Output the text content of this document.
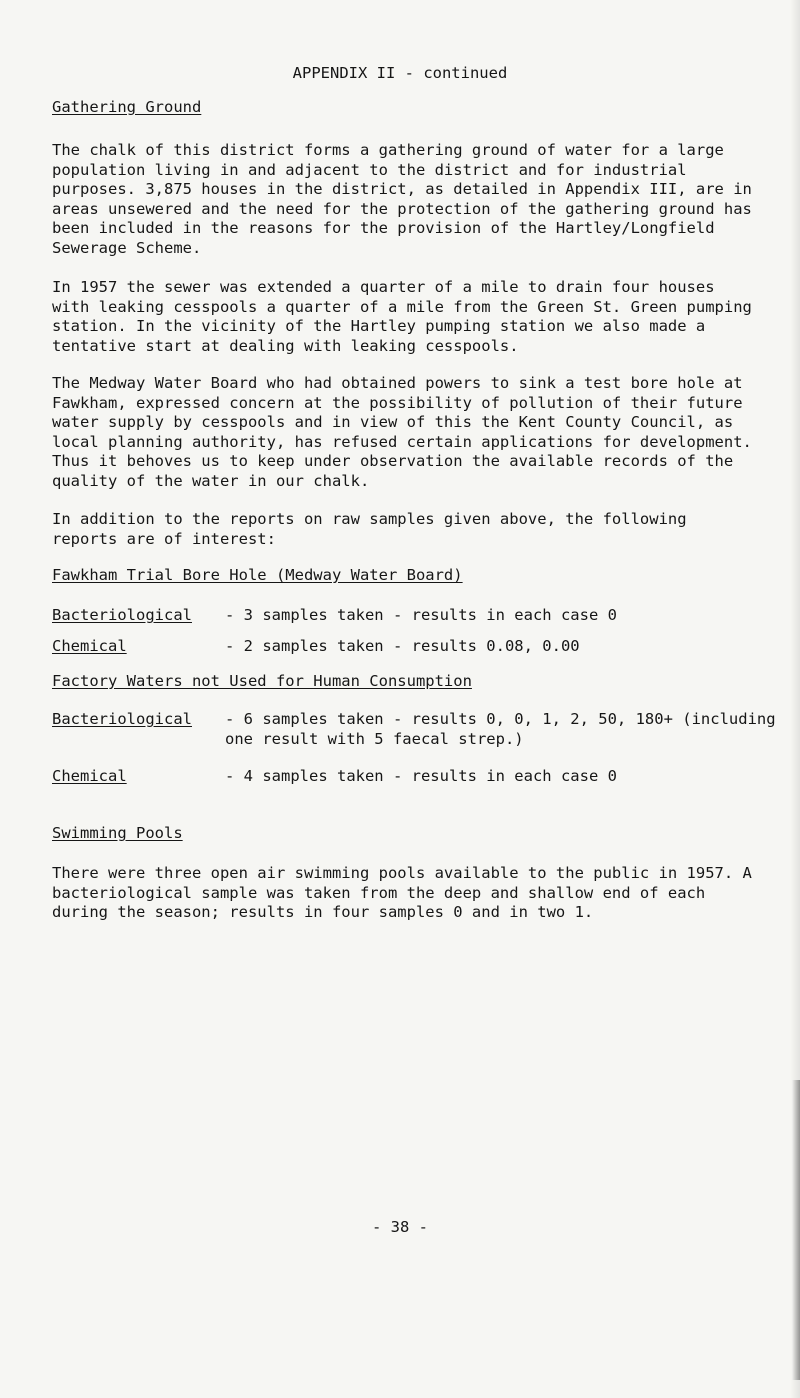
APPENDIX II - continued

Gathering Ground

The chalk of this district forms a gathering ground of water for a large population living in and adjacent to the district and for industrial purposes. 3,875 houses in the district, as detailed in Appendix III, are in areas unsewered and the need for the protection of the gathering ground has been included in the reasons for the provision of the Hartley/Longfield Sewerage Scheme.

In 1957 the sewer was extended a quarter of a mile to drain four houses with leaking cesspools a quarter of a mile from the Green St. Green pumping station. In the vicinity of the Hartley pumping station we also made a tentative start at dealing with leaking cesspools.

The Medway Water Board who had obtained powers to sink a test bore hole at Fawkham, expressed concern at the possibility of pollution of their future water supply by cesspools and in view of this the Kent County Council, as local planning authority, has refused certain applications for development. Thus it behoves us to keep under observation the available records of the quality of the water in our chalk.

In addition to the reports on raw samples given above, the following reports are of interest:

Fawkham Trial Bore Hole (Medway Water Board)

Bacteriological - 3 samples taken - results in each case 0

Chemical	- 2 samples taken - results 0.08, 0.00

Factory Waters not Used for Human Consumption

Bacteriological - 6 samples taken - results 0, 0, 1, 2, 50, 180+ (including one result with 5 faecal strep.)

Chemical	- 4 samples taken - results in each case 0

Swimming Pools

There were three open air swimming pools available to the public in 1957. A bacteriological sample was taken from the deep and shallow end of each during the season; results in four samples 0 and in two 1.

- 38 -
